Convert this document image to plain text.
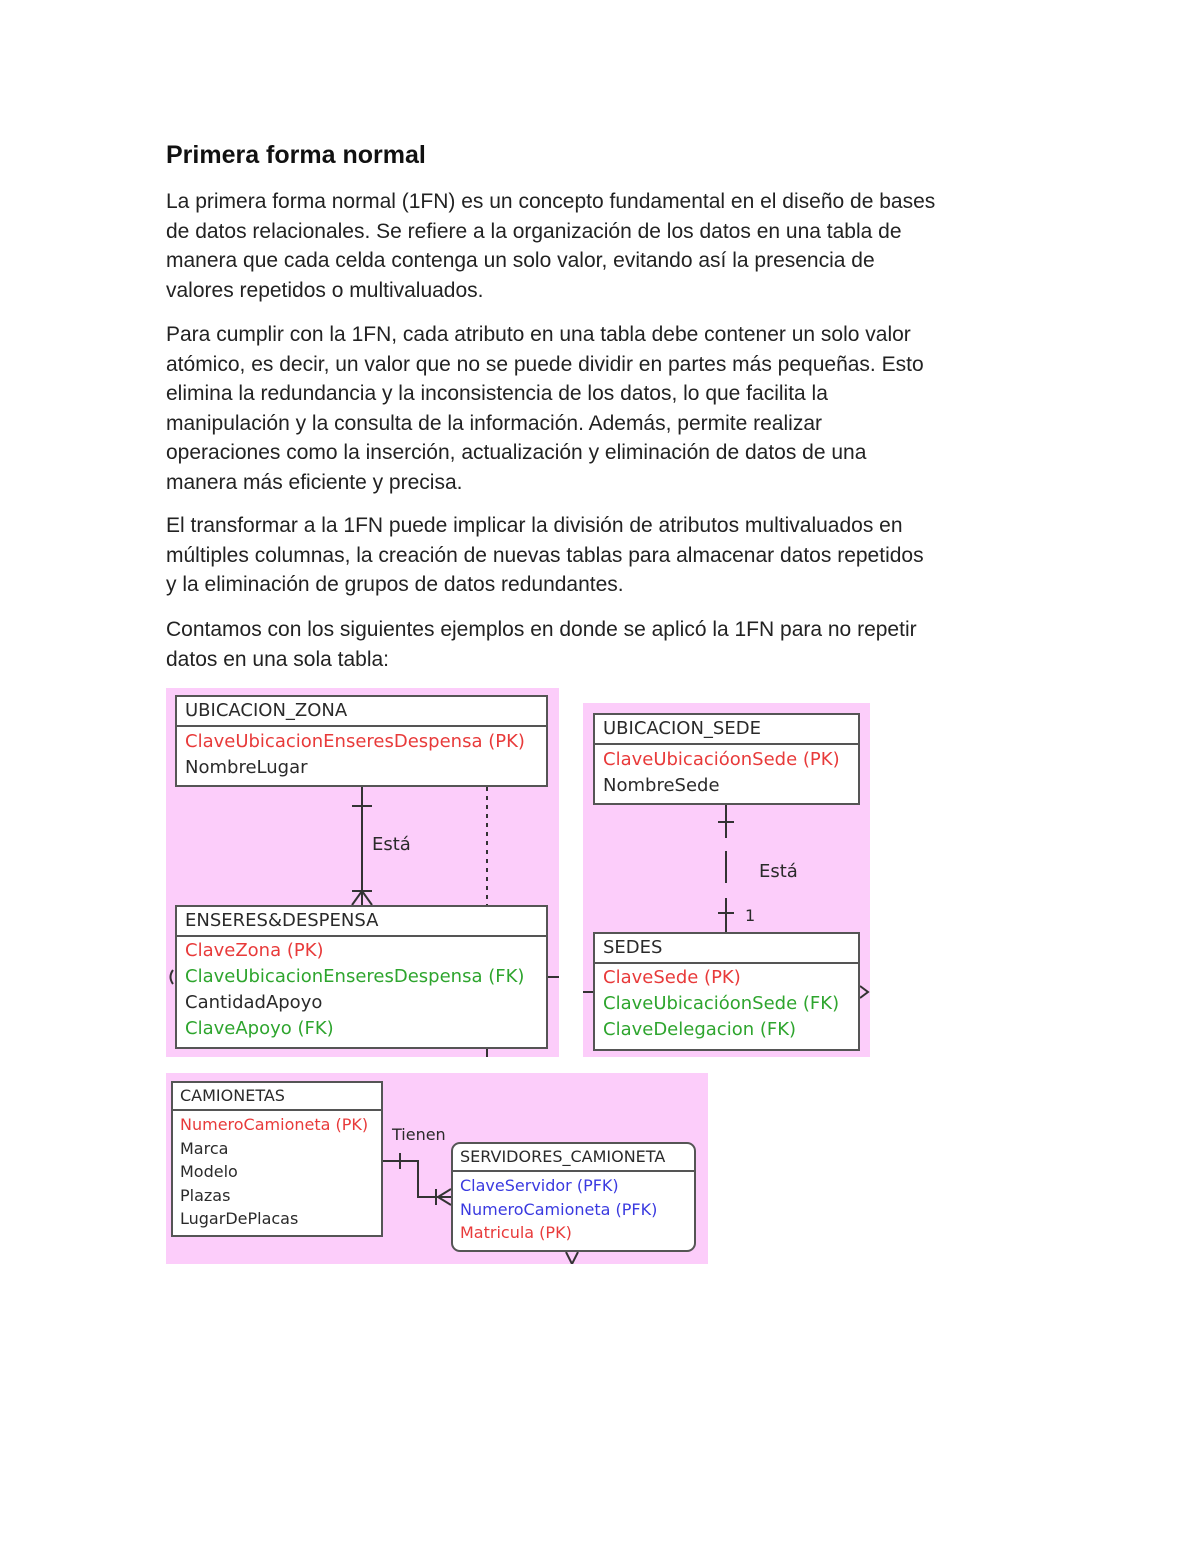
Primera forma normal
La primera forma normal (1FN) es un concepto fundamental en el diseño de bases
de datos relacionales. Se refiere a la organización de los datos en una tabla de
manera que cada celda contenga un solo valor, evitando así la presencia de
valores repetidos o multivaluados.
Para cumplir con la 1FN, cada atributo en una tabla debe contener un solo valor
atómico, es decir, un valor que no se puede dividir en partes más pequeñas. Esto
elimina la redundancia y la inconsistencia de los datos, lo que facilita la
manipulación y la consulta de la información. Además, permite realizar
operaciones como la inserción, actualización y eliminación de datos de una
manera más eficiente y precisa.
El transformar a la 1FN puede implicar la división de atributos multivaluados en
múltiples columnas, la creación de nuevas tablas para almacenar datos repetidos
y la eliminación de grupos de datos redundantes.
Contamos con los siguientes ejemplos en donde se aplicó la 1FN para no repetir
datos en una sola tabla:
UBICACION_ZONA
ClaveUbicacionEnseresDespensa (PK)
NombreLugar
Está
ENSERES&DESPENSA
ClaveZona (PK)
ClaveUbicacionEnseresDespensa (FK)
CantidadApoyo
ClaveApoyo (FK)
UBICACION_SEDE
ClaveUbicacióonSede (PK)
NombreSede
Está
1
SEDES
ClaveSede (PK)
ClaveUbicacióonSede (FK)
ClaveDelegacion (FK)
CAMIONETAS
NumeroCamioneta (PK)
Marca
Modelo
Plazas
LugarDePlacas
Tienen
SERVIDORES_CAMIONETA
ClaveServidor (PFK)
NumeroCamioneta (PFK)
Matricula (PK)
